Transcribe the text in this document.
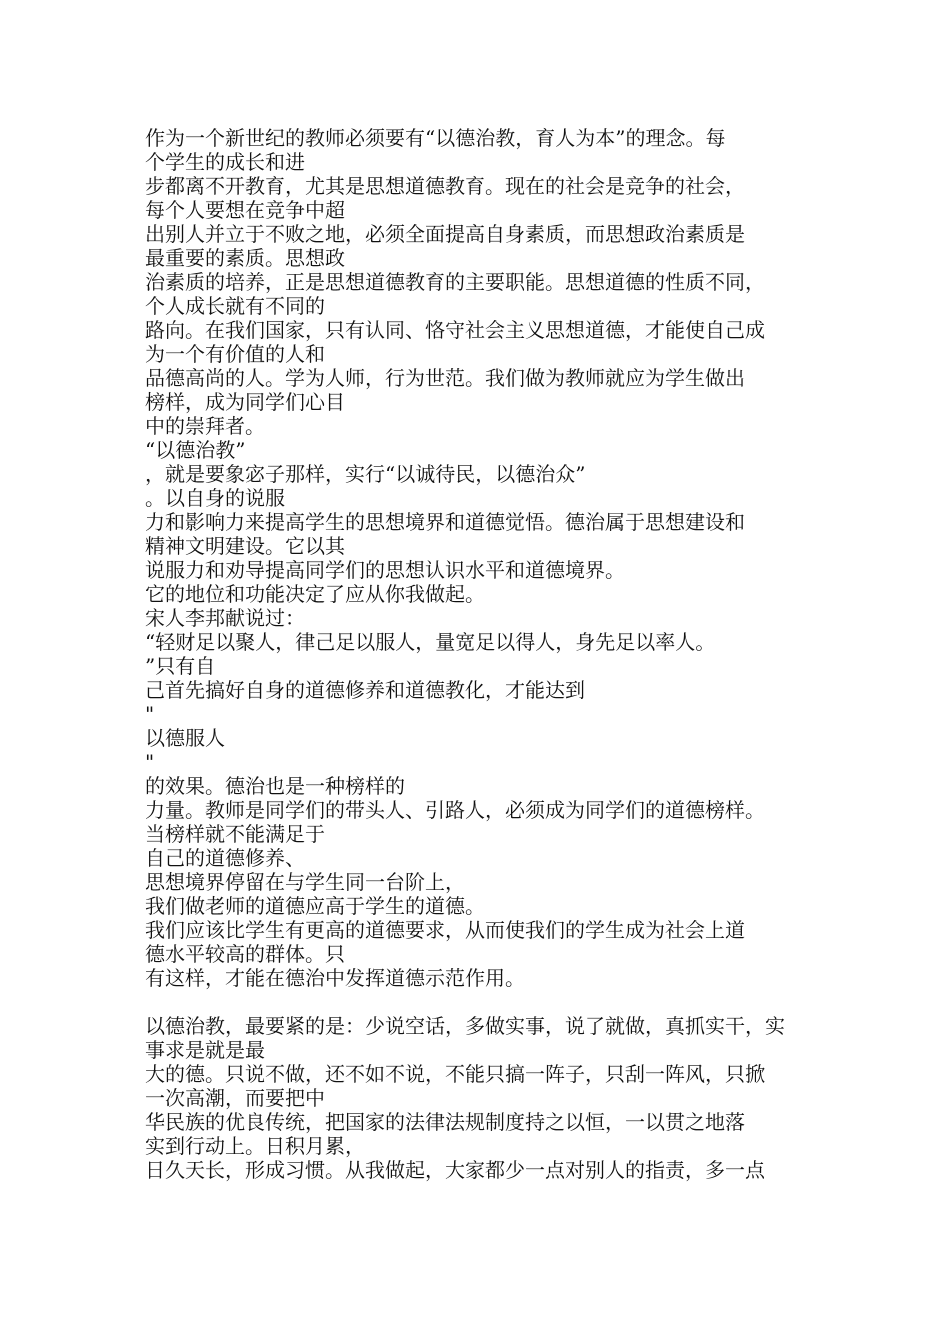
作为一个新世纪的教师必须要有“以德治教，育人为本”的理念。每
个学生的成长和进
步都离不开教育，尤其是思想道德教育。现在的社会是竞争的社会，
每个人要想在竞争中超
出别人并立于不败之地，必须全面提高自身素质，而思想政治素质是
最重要的素质。思想政
治素质的培养，正是思想道德教育的主要职能。思想道德的性质不同，
个人成长就有不同的
路向。在我们国家，只有认同、恪守社会主义思想道德，才能使自己成
为一个有价值的人和
品德高尚的人。学为人师，行为世范。我们做为教师就应为学生做出
榜样，成为同学们心目
中的崇拜者。
“以德治教”
，就是要象宓子那样，实行“以诚待民，以德治众”
。以自身的说服
力和影响力来提高学生的思想境界和道德觉悟。德治属于思想建设和
精神文明建设。它以其
说服力和劝导提高同学们的思想认识水平和道德境界。
它的地位和功能决定了应从你我做起。
宋人李邦献说过：
“轻财足以聚人，律己足以服人，量宽足以得人，身先足以率人。
”只有自
己首先搞好自身的道德修养和道德教化，才能达到
"
以德服人
"
的效果。德治也是一种榜样的
力量。教师是同学们的带头人、引路人，必须成为同学们的道德榜样。
当榜样就不能满足于
自己的道德修养、
思想境界停留在与学生同一台阶上，
我们做老师的道德应高于学生的道德。
我们应该比学生有更高的道德要求，从而使我们的学生成为社会上道
德水平较高的群体。只
有这样，才能在德治中发挥道德示范作用。
以德治教，最要紧的是：少说空话，多做实事，说了就做，真抓实干，实
事求是就是最
大的德。只说不做，还不如不说，不能只搞一阵子，只刮一阵风，只掀
一次高潮，而要把中
华民族的优良传统，把国家的法律法规制度持之以恒，一以贯之地落
实到行动上。日积月累，
日久天长，形成习惯。从我做起，大家都少一点对别人的指责，多一点
